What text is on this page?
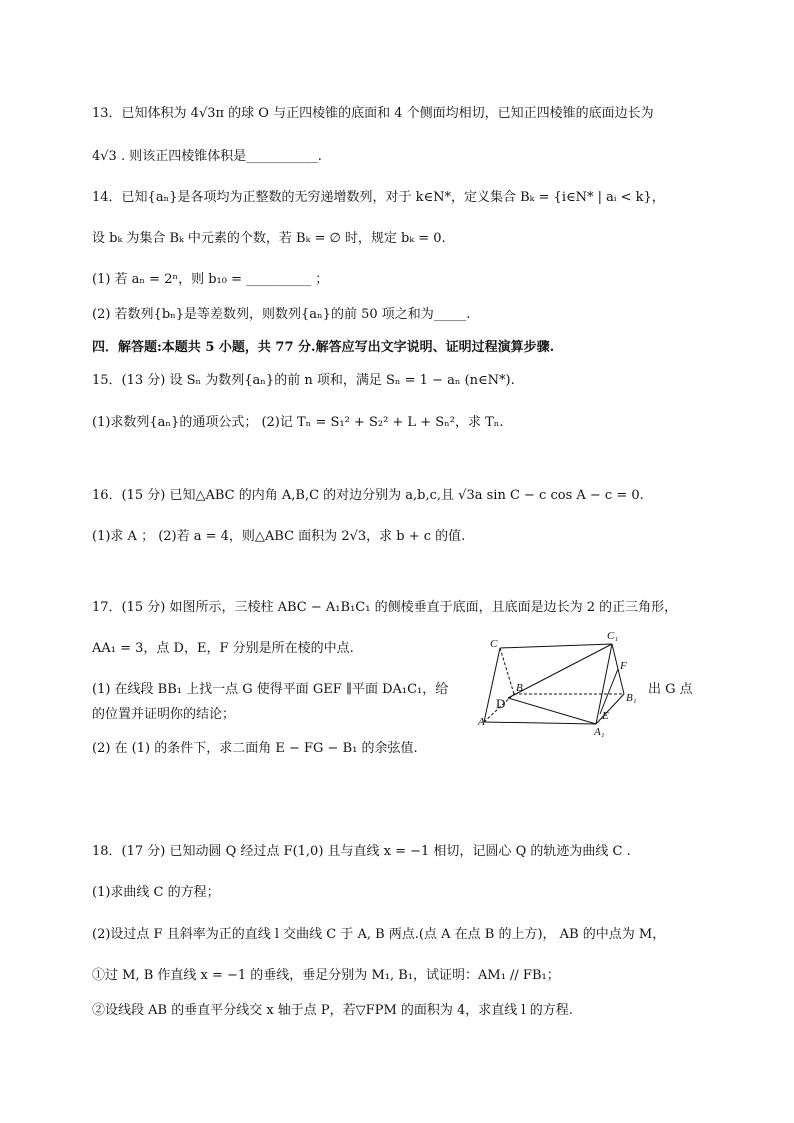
13．已知体积为 4√3π 的球 O 与正四棱锥的底面和 4 个侧面均相切，已知正四棱锥的底面边长为
4√3 . 则该正四棱锥体积是___________.
14．已知{aₙ}是各项均为正整数的无穷递增数列，对于 k∈N*，定义集合 Bₖ = {i∈N* | aᵢ < k}，
设 bₖ 为集合 Bₖ 中元素的个数，若 Bₖ = ∅ 时，规定 bₖ = 0.
(1) 若 aₙ = 2ⁿ，则 b₁₀ = __________ ；
(2) 若数列{bₙ}是等差数列，则数列{aₙ}的前 50 项之和为_____.
四．解答题:本题共 5 小题，共 77 分.解答应写出文字说明、证明过程演算步骤.
15．(13 分) 设 Sₙ 为数列{aₙ}的前 n 项和，满足 Sₙ = 1 − aₙ (n∈N*).
(1)求数列{aₙ}的通项公式； (2)记 Tₙ = S₁² + S₂² + L + Sₙ²，求 Tₙ.
16．(15 分) 已知△ABC 的内角 A,B,C 的对边分别为 a,b,c,且 √3a sin C − c cos A − c = 0.
(1)求 A ； (2)若 a = 4，则△ABC 面积为 2√3，求 b + c 的值.
17．(15 分) 如图所示，三棱柱 ABC − A₁B₁C₁ 的侧棱垂直于底面，且底面是边长为 2 的正三角形，
AA₁ = 3，点 D，E，F 分别是所在棱的中点.
(1) 在线段 BB₁ 上找一点 G 使得平面 GEF ∥平面 DA₁C₁，给	出 G 点
的位置并证明你的结论；
(2) 在 (1) 的条件下，求二面角 E − FG − B₁ 的余弦值.
C
C₁
F
B
B₁
D
A	E
A₁
18．(17 分) 已知动圆 Q 经过点 F(1,0) 且与直线 x = −1 相切，记圆心 Q 的轨迹为曲线 C .
(1)求曲线 C 的方程；
(2)设过点 F 且斜率为正的直线 l 交曲线 C 于 A, B 两点.(点 A 在点 B 的上方)， AB 的中点为 M，
①过 M, B 作直线 x = −1 的垂线，垂足分别为 M₁, B₁，试证明：AM₁ // FB₁；
②设线段 AB 的垂直平分线交 x 轴于点 P，若▽FPM 的面积为 4，求直线 l 的方程.
